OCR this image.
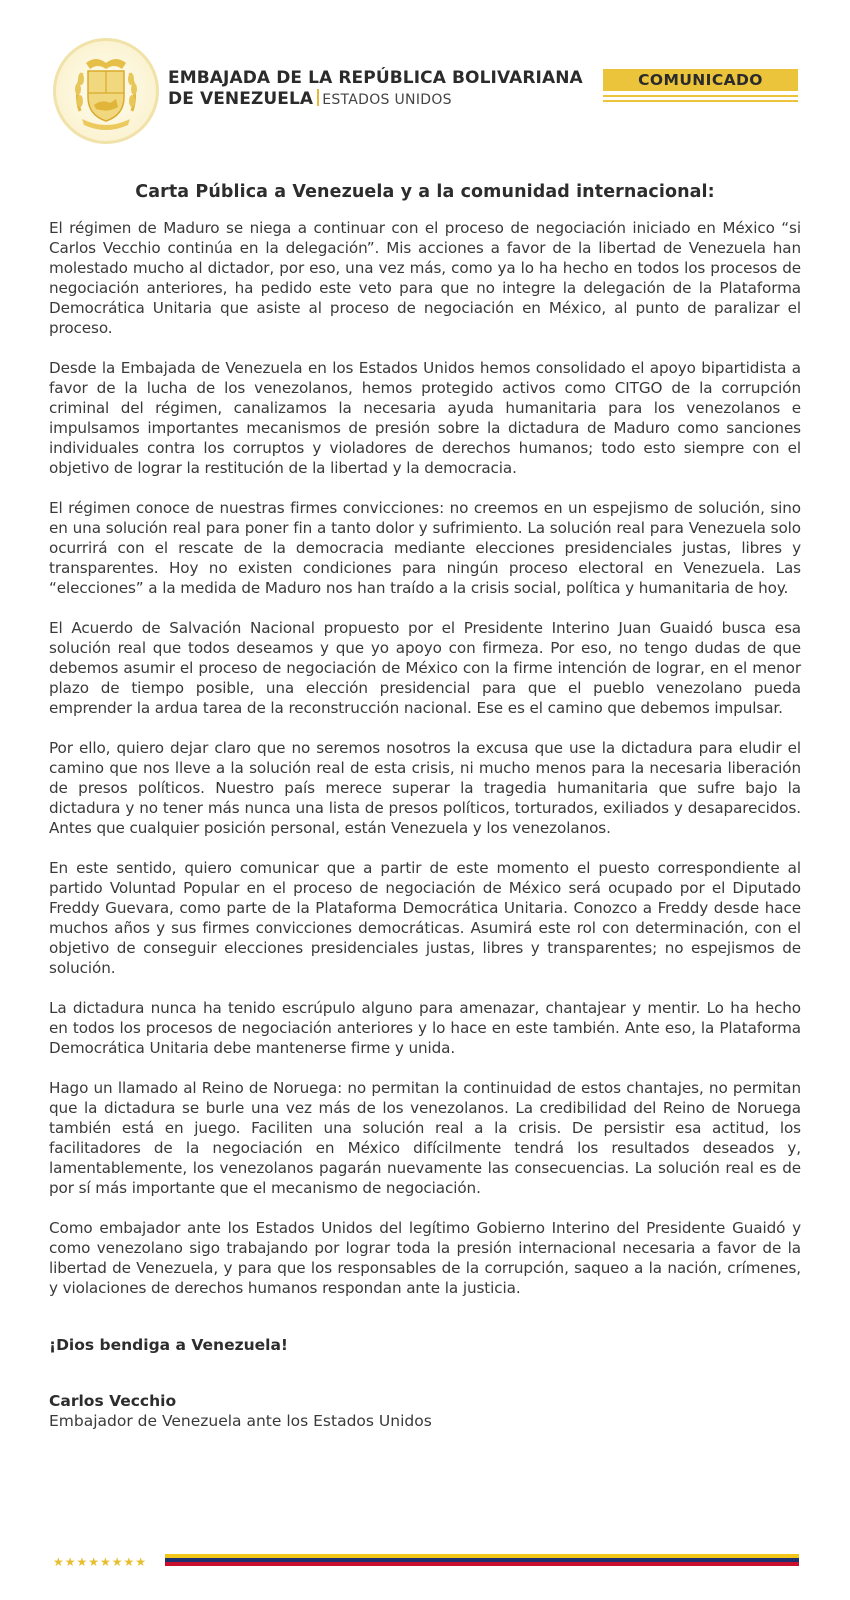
EMBAJADA DE LA REPÚBLICA BOLIVARIANA
DE VENEZUELA ESTADOS UNIDOS
COMUNICADO
Carta Pública a Venezuela y a la comunidad internacional:

El régimen de Maduro se niega a continuar con el proceso de negociación iniciado en México “si Carlos Vecchio continúa en la delegación”. Mis acciones a favor de la libertad de Venezuela han molestado mucho al dictador, por eso, una vez más, como ya lo ha hecho en todos los procesos de negociación anteriores, ha pedido este veto para que no integre la delegación de la Plataforma Democrática Unitaria que asiste al proceso de negociación en México, al punto de paralizar el proceso.

Desde la Embajada de Venezuela en los Estados Unidos hemos consolidado el apoyo bipartidista a favor de la lucha de los venezolanos, hemos protegido activos como CITGO de la corrupción criminal del régimen, canalizamos la necesaria ayuda humanitaria para los venezolanos e impulsamos importantes mecanismos de presión sobre la dictadura de Maduro como sanciones individuales contra los corruptos y violadores de derechos humanos; todo esto siempre con el objetivo de lograr la restitución de la libertad y la democracia.

El régimen conoce de nuestras firmes convicciones: no creemos en un espejismo de solución, sino en una solución real para poner fin a tanto dolor y sufrimiento. La solución real para Venezuela solo ocurrirá con el rescate de la democracia mediante elecciones presidenciales justas, libres y transparentes. Hoy no existen condiciones para ningún proceso electoral en Venezuela. Las “elecciones” a la medida de Maduro nos han traído a la crisis social, política y humanitaria de hoy.

El Acuerdo de Salvación Nacional propuesto por el Presidente Interino Juan Guaidó busca esa solución real que todos deseamos y que yo apoyo con firmeza. Por eso, no tengo dudas de que debemos asumir el proceso de negociación de México con la firme intención de lograr, en el menor plazo de tiempo posible, una elección presidencial para que el pueblo venezolano pueda emprender la ardua tarea de la reconstrucción nacional. Ese es el camino que debemos impulsar.

Por ello, quiero dejar claro que no seremos nosotros la excusa que use la dictadura para eludir el camino que nos lleve a la solución real de esta crisis, ni mucho menos para la necesaria liberación de presos políticos. Nuestro país merece superar la tragedia humanitaria que sufre bajo la dictadura y no tener más nunca una lista de presos políticos, torturados, exiliados y desaparecidos. Antes que cualquier posición personal, están Venezuela y los venezolanos.

En este sentido, quiero comunicar que a partir de este momento el puesto correspondiente al partido Voluntad Popular en el proceso de negociación de México será ocupado por el Diputado Freddy Guevara, como parte de la Plataforma Democrática Unitaria. Conozco a Freddy desde hace muchos años y sus firmes convicciones democráticas. Asumirá este rol con determinación, con el objetivo de conseguir elecciones presidenciales justas, libres y transparentes; no espejismos de solución.

La dictadura nunca ha tenido escrúpulo alguno para amenazar, chantajear y mentir. Lo ha hecho en todos los procesos de negociación anteriores y lo hace en este también. Ante eso, la Plataforma Democrática Unitaria debe mantenerse firme y unida.

Hago un llamado al Reino de Noruega: no permitan la continuidad de estos chantajes, no permitan que la dictadura se burle una vez más de los venezolanos. La credibilidad del Reino de Noruega también está en juego. Faciliten una solución real a la crisis. De persistir esa actitud, los facilitadores de la negociación en México difícilmente tendrá los resultados deseados y, lamentablemente, los venezolanos pagarán nuevamente las consecuencias. La solución real es de por sí más importante que el mecanismo de negociación.

Como embajador ante los Estados Unidos del legítimo Gobierno Interino del Presidente Guaidó y como venezolano sigo trabajando por lograr toda la presión internacional necesaria a favor de la libertad de Venezuela, y para que los responsables de la corrupción, saqueo a la nación, crímenes, y violaciones de derechos humanos respondan ante la justicia.

¡Dios bendiga a Venezuela!
Carlos Vecchio
Embajador de Venezuela ante los Estados Unidos
★★★★★★★★
